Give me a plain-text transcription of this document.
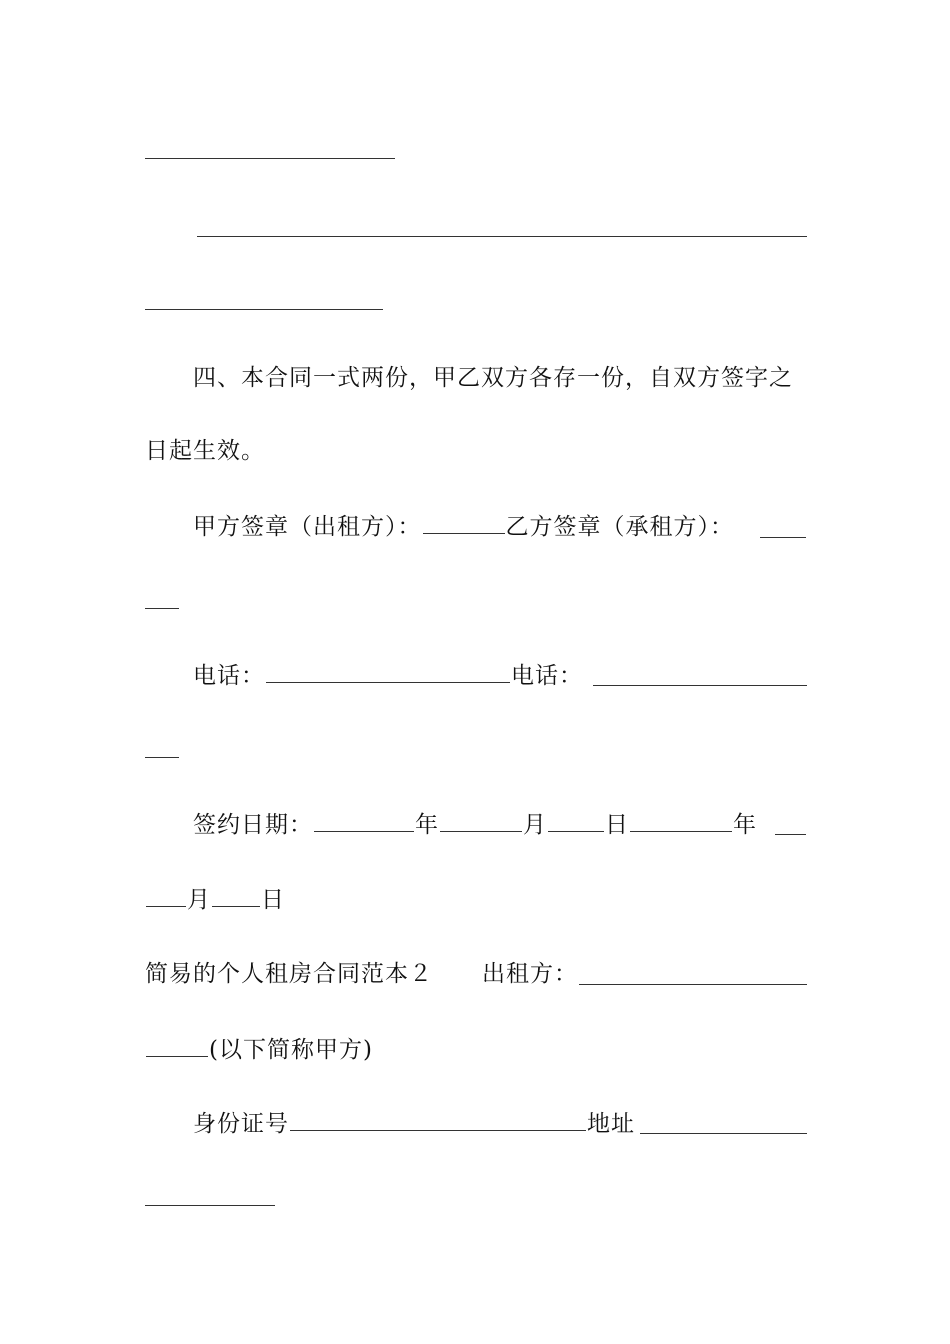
四、本合同一式两份，甲乙双方各存一份，自双方签字之
日起生效。
甲方签章（出租方）：	乙方签章（承租方）：
电话：	电话：
签约日期：	年	月	日	年
月 日
简易的个人租房合同范本２ 出租方：
(以下简称甲方)
身份证号	地址
